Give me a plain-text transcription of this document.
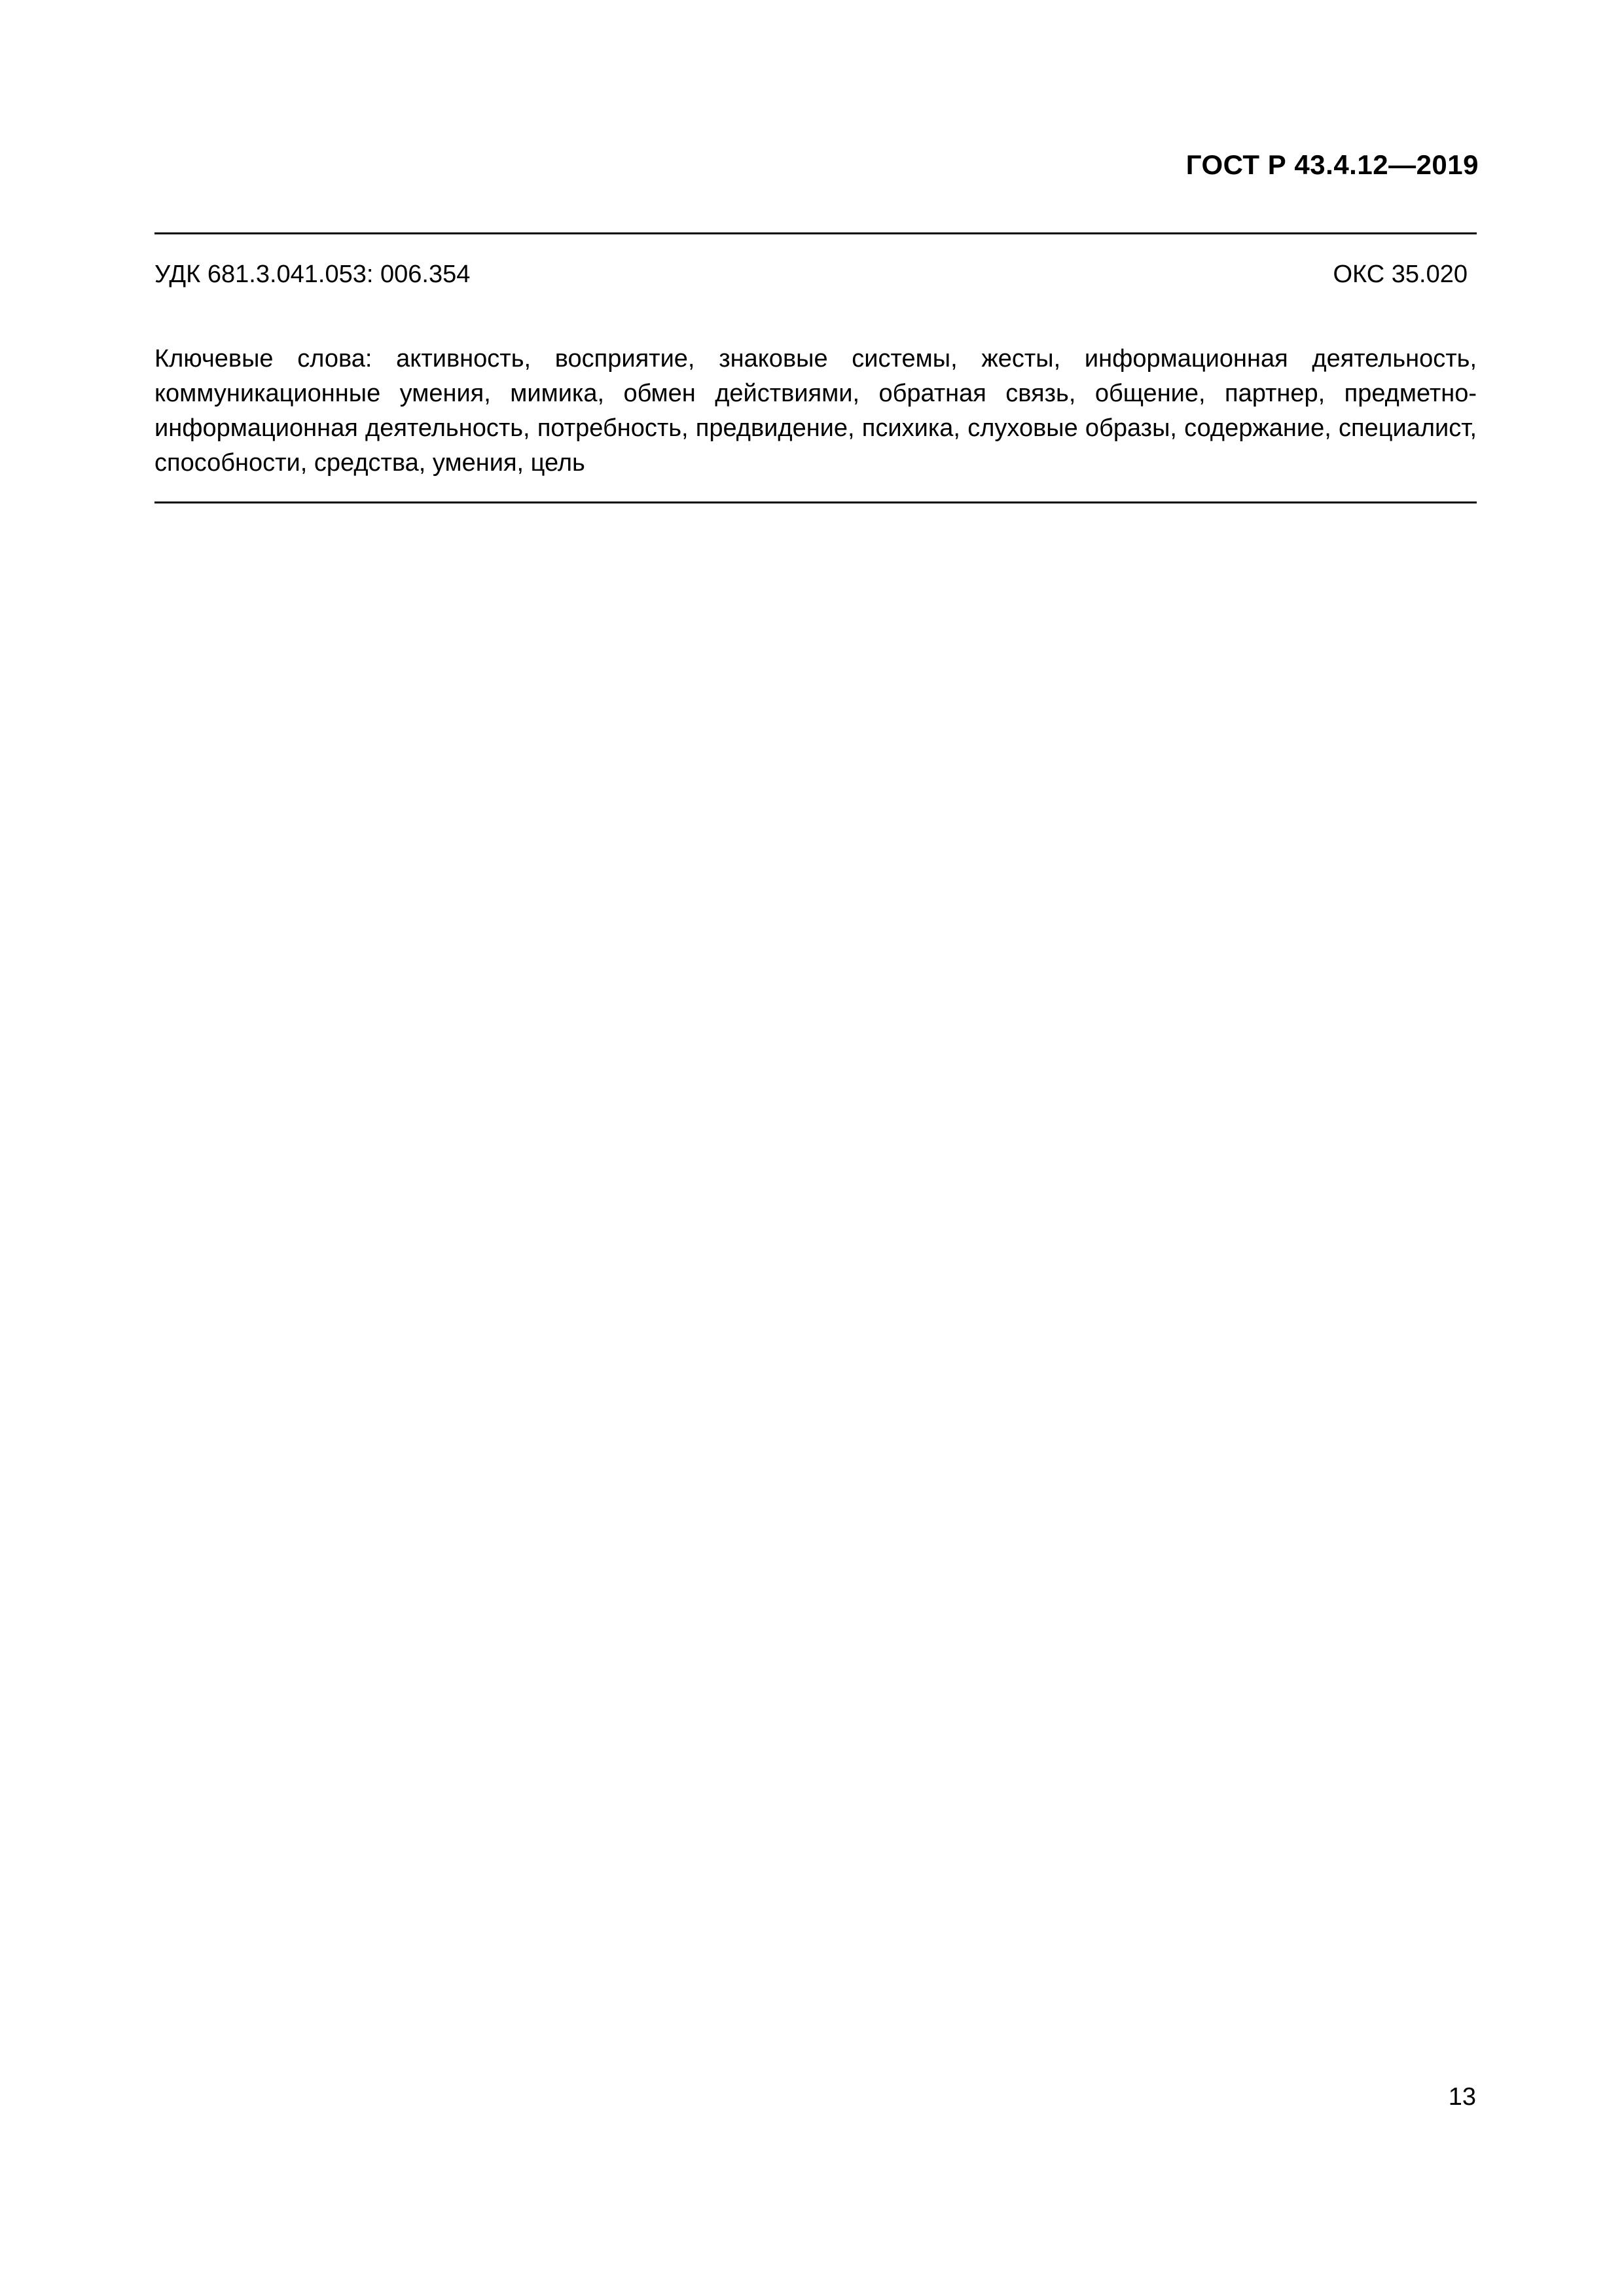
ГОСТ Р 43.4.12—2019
УДК 681.3.041.053: 006.354	ОКС 35.020
Ключевые слова: активность, восприятие, знаковые системы, жесты, информационная деятельность, коммуникационные умения, мимика, обмен действиями, обратная связь, общение, партнер, предметно-информационная деятельность, потребность, предвидение, психика, слуховые образы, содержание, специалист, способности, средства, умения, цель
13
